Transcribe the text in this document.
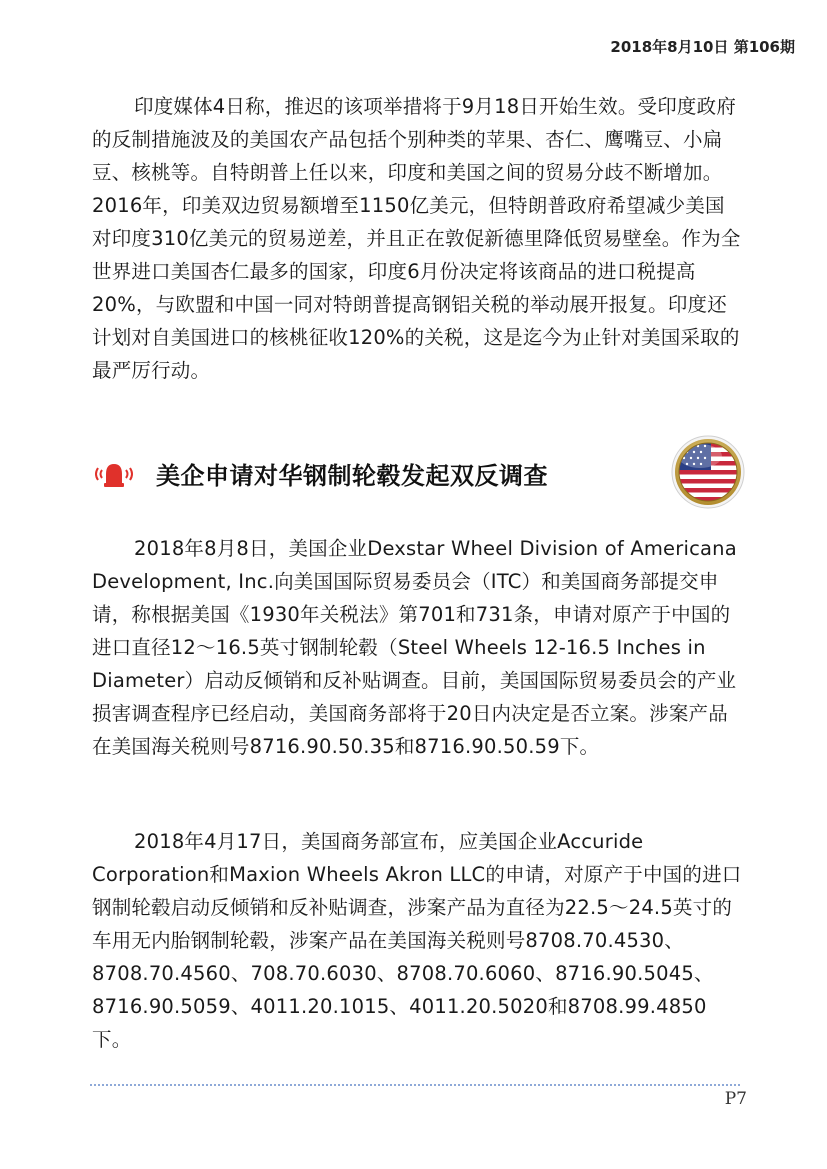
2018年8月10日 第106期

印度媒体4日称，推迟的该项举措将于9月18日开始生效。受印度政府的反制措施波及的美国农产品包括个别种类的苹果、杏仁、鹰嘴豆、小扁豆、核桃等。自特朗普上任以来，印度和美国之间的贸易分歧不断增加。2016年，印美双边贸易额增至1150亿美元，但特朗普政府希望减少美国对印度310亿美元的贸易逆差，并且正在敦促新德里降低贸易壁垒。作为全世界进口美国杏仁最多的国家，印度6月份决定将该商品的进口税提高20%，与欧盟和中国一同对特朗普提高钢铝关税的举动展开报复。印度还计划对自美国进口的核桃征收120%的关税，这是迄今为止针对美国采取的最严厉行动。

美企申请对华钢制轮毂发起双反调查

2018年8月8日，美国企业Dexstar Wheel Division of Americana Development, Inc.向美国国际贸易委员会（ITC）和美国商务部提交申请，称根据美国《1930年关税法》第701和731条，申请对原产于中国的进口直径12～16.5英寸钢制轮毂（Steel Wheels 12-16.5 Inches in Diameter）启动反倾销和反补贴调查。目前，美国国际贸易委员会的产业损害调查程序已经启动，美国商务部将于20日内决定是否立案。涉案产品在美国海关税则号8716.90.50.35和8716.90.50.59下。

2018年4月17日，美国商务部宣布，应美国企业Accuride Corporation和Maxion Wheels Akron LLC的申请，对原产于中国的进口钢制轮毂启动反倾销和反补贴调查，涉案产品为直径为22.5～24.5英寸的车用无内胎钢制轮毂，涉案产品在美国海关税则号8708.70.4530、8708.70.4560、708.70.6030、8708.70.6060、8716.90.5045、8716.90.5059、4011.20.1015、4011.20.5020和8708.99.4850下。

P7
